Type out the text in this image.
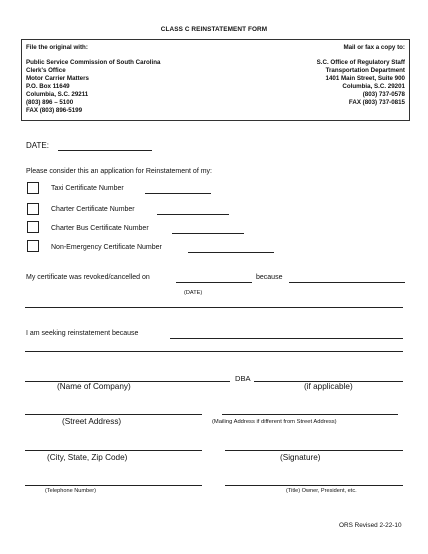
CLASS C REINSTATEMENT FORM
File the original with:
Public Service Commission of South Carolina
Clerk's Office
Motor Carrier Matters
P.O. Box 11649
Columbia, S.C. 29211
(803) 896 – 5100
FAX (803) 896-5199
Mail or fax a copy to:
S.C. Office of Regulatory Staff
Transportation Department
1401 Main Street, Suite 900
Columbia, S.C. 29201
(803) 737-0578
FAX (803) 737-0815
DATE:
Please consider this an application for Reinstatement of my:
Taxi Certificate Number
Charter Certificate Number
Charter Bus Certificate Number
Non-Emergency Certificate Number
My certificate was revoked/cancelled on	because
(DATE)
I am seeking reinstatement because
DBA
(Name of Company)	(if applicable)
(Street Address)	(Mailing Address if different from Street Address)
(City, State, Zip Code)	(Signature)
(Telephone Number)	(Title) Owner, President, etc.
ORS Revised 2-22-10
